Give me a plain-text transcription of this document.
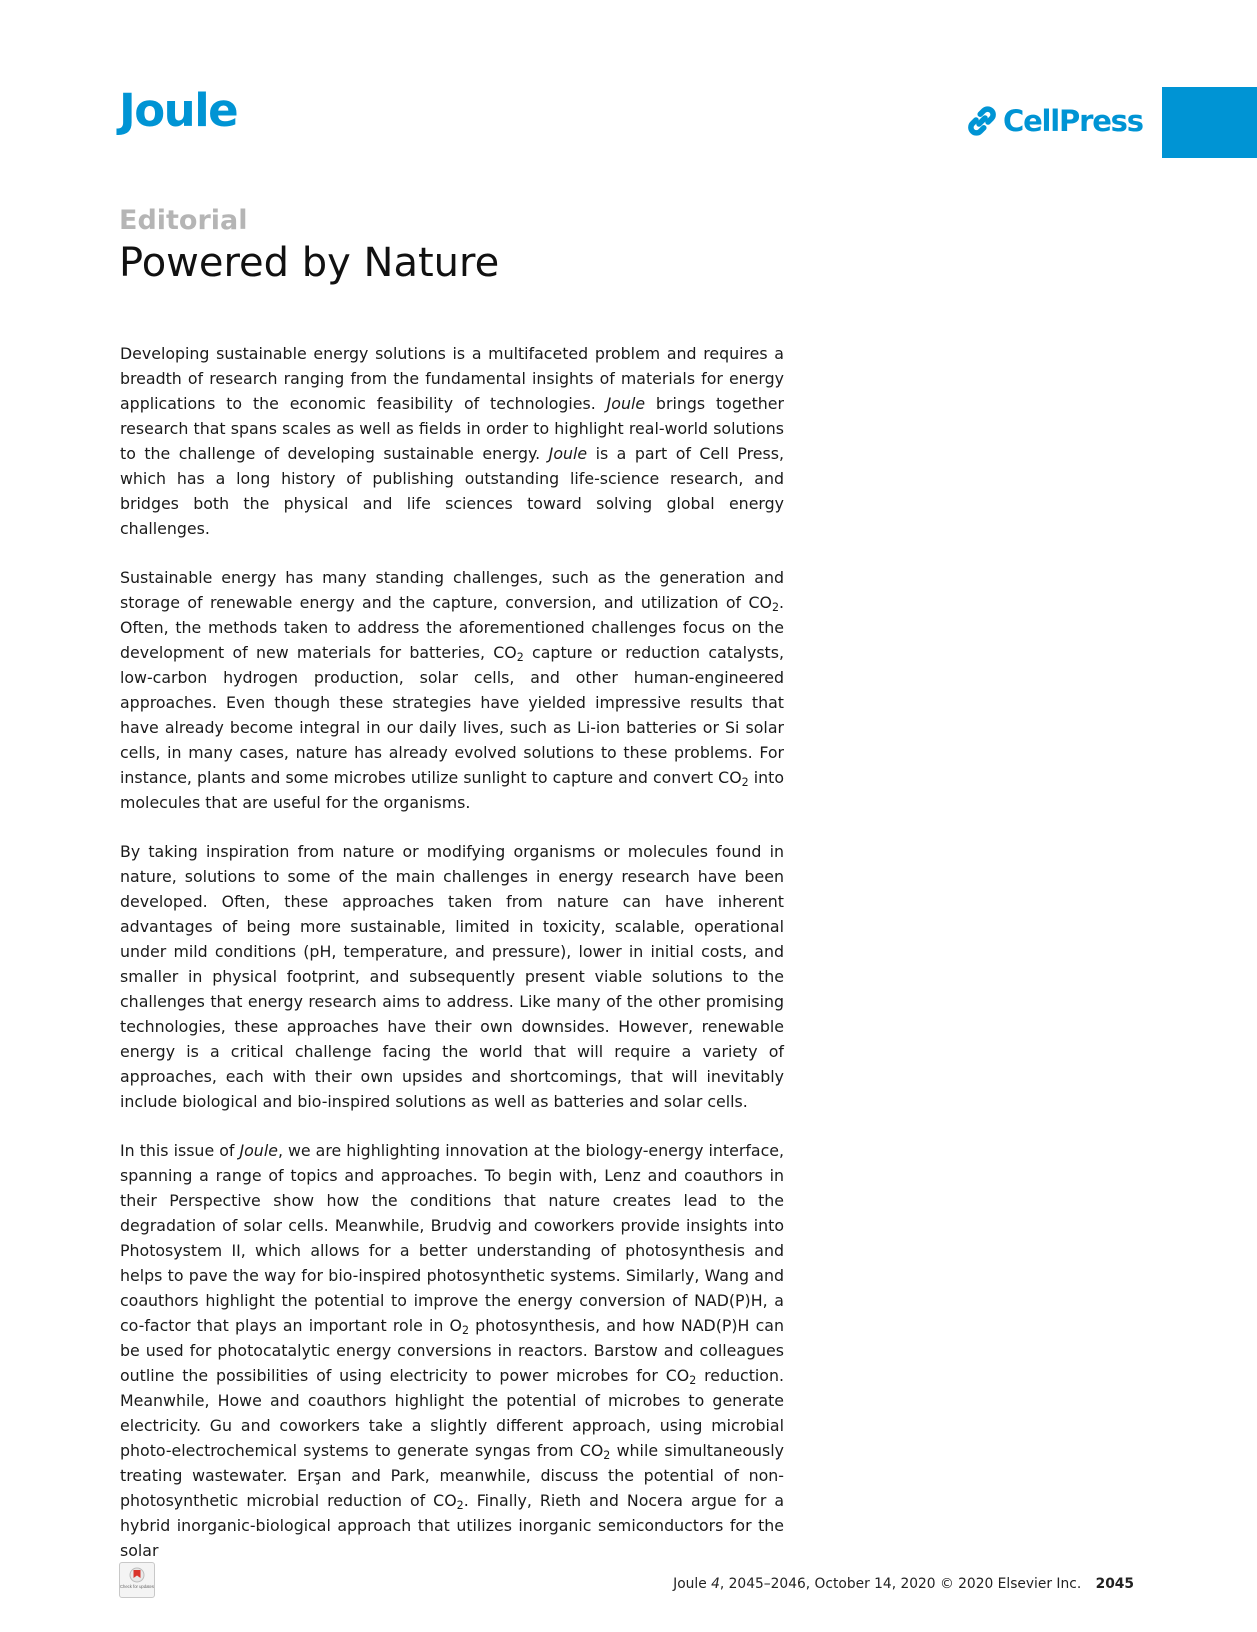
Joule	CellPress
Editorial
Powered by Nature

Developing sustainable energy solutions is a multifaceted problem and requires a breadth of research ranging from the fundamental insights of materials for energy applications to the economic feasibility of technologies. Joule brings together research that spans scales as well as fields in order to highlight real-world solutions to the challenge of developing sustainable energy. Joule is a part of Cell Press, which has a long history of publishing outstanding life-science research, and bridges both the physical and life sciences toward solving global energy challenges.

Sustainable energy has many standing challenges, such as the generation and storage of renewable energy and the capture, conversion, and utilization of $CO_2$. Often, the methods taken to address the aforementioned challenges focus on the development of new materials for batteries, $CO_2$ capture or reduction catalysts, low-carbon hydrogen production, solar cells, and other human-engineered approaches. Even though these strategies have yielded impressive results that have already become integral in our daily lives, such as Li-ion batteries or Si solar cells, in many cases, nature has already evolved solutions to these problems. For instance, plants and some microbes utilize sunlight to capture and convert $CO_2$ into molecules that are useful for the organisms.

By taking inspiration from nature or modifying organisms or molecules found in nature, solutions to some of the main challenges in energy research have been developed. Often, these approaches taken from nature can have inherent advantages of being more sustainable, limited in toxicity, scalable, operational under mild conditions (pH, temperature, and pressure), lower in initial costs, and smaller in physical footprint, and subsequently present viable solutions to the challenges that energy research aims to address. Like many of the other promising technologies, these approaches have their own downsides. However, renewable energy is a critical challenge facing the world that will require a variety of approaches, each with their own upsides and shortcomings, that will inevitably include biological and bio-inspired solutions as well as batteries and solar cells.

In this issue of Joule, we are highlighting innovation at the biology-energy interface, spanning a range of topics and approaches. To begin with, Lenz and coauthors in their Perspective show how the conditions that nature creates lead to the degradation of solar cells. Meanwhile, Brudvig and coworkers provide insights into Photosystem II, which allows for a better understanding of photosynthesis and helps to pave the way for bio-inspired photosynthetic systems. Similarly, Wang and coauthors highlight the potential to improve the energy conversion of NAD(P)H, a co-factor that plays an important role in $O_2$ photosynthesis, and how NAD(P)H can be used for photocatalytic energy conversions in reactors. Barstow and colleagues outline the possibilities of using electricity to power microbes for $CO_2$ reduction. Meanwhile, Howe and coauthors highlight the potential of microbes to generate electricity. Gu and coworkers take a slightly different approach, using microbial photo-electrochemical systems to generate syngas from $CO_2$ while simultaneously treating wastewater. Erşan and Park, meanwhile, discuss the potential of non-photosynthetic microbial reduction of $CO_2$. Finally, Rieth and Nocera argue for a hybrid inorganic-biological approach that utilizes inorganic semiconductors for the solar

Check for updates	Joule 4, 2045–2046, October 14, 2020 © 2020 Elsevier Inc. 2045
